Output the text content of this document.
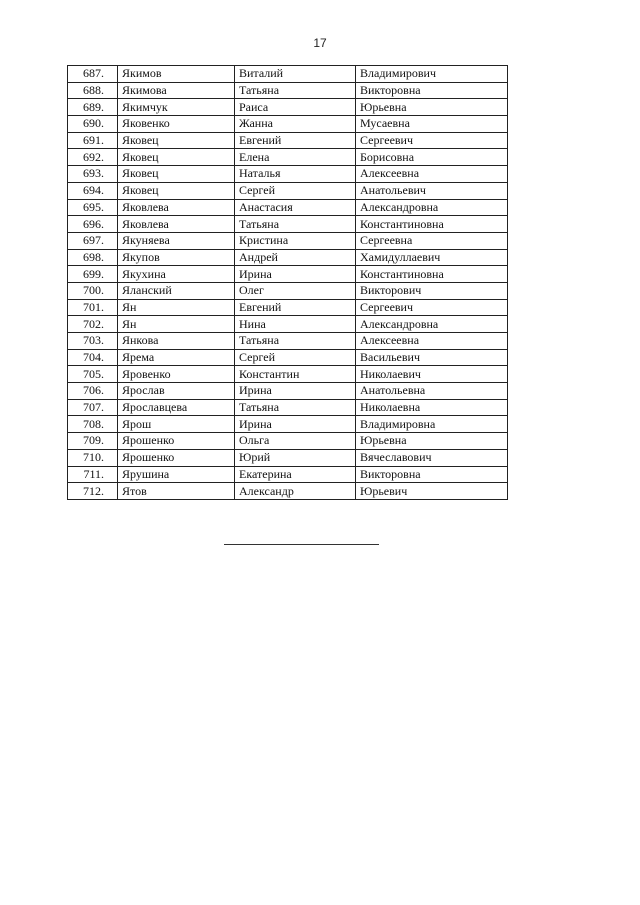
17
687.	Якимов	Виталий	Владимирович
688.	Якимова	Татьяна	Викторовна
689.	Якимчук	Раиса	Юрьевна
690.	Яковенко	Жанна	Мусаевна
691.	Яковец	Евгений	Сергеевич
692.	Яковец	Елена	Борисовна
693.	Яковец	Наталья	Алексеевна
694.	Яковец	Сергей	Анатольевич
695.	Яковлева	Анастасия	Александровна
696.	Яковлева	Татьяна	Константиновна
697.	Якуняева	Кристина	Сергеевна
698.	Якупов	Андрей	Хамидуллаевич
699.	Якухина	Ирина	Константиновна
700.	Яланский	Олег	Викторович
701.	Ян	Евгений	Сергеевич
702.	Ян	Нина	Александровна
703.	Янкова	Татьяна	Алексеевна
704.	Ярема	Сергей	Васильевич
705.	Яровенко	Константин	Николаевич
706.	Ярослав	Ирина	Анатольевна
707.	Ярославцева	Татьяна	Николаевна
708.	Ярош	Ирина	Владимировна
709.	Ярошенко	Ольга	Юрьевна
710.	Ярошенко	Юрий	Вячеславович
711.	Ярушина	Екатерина	Викторовна
712.	Ятов	Александр	Юрьевич
